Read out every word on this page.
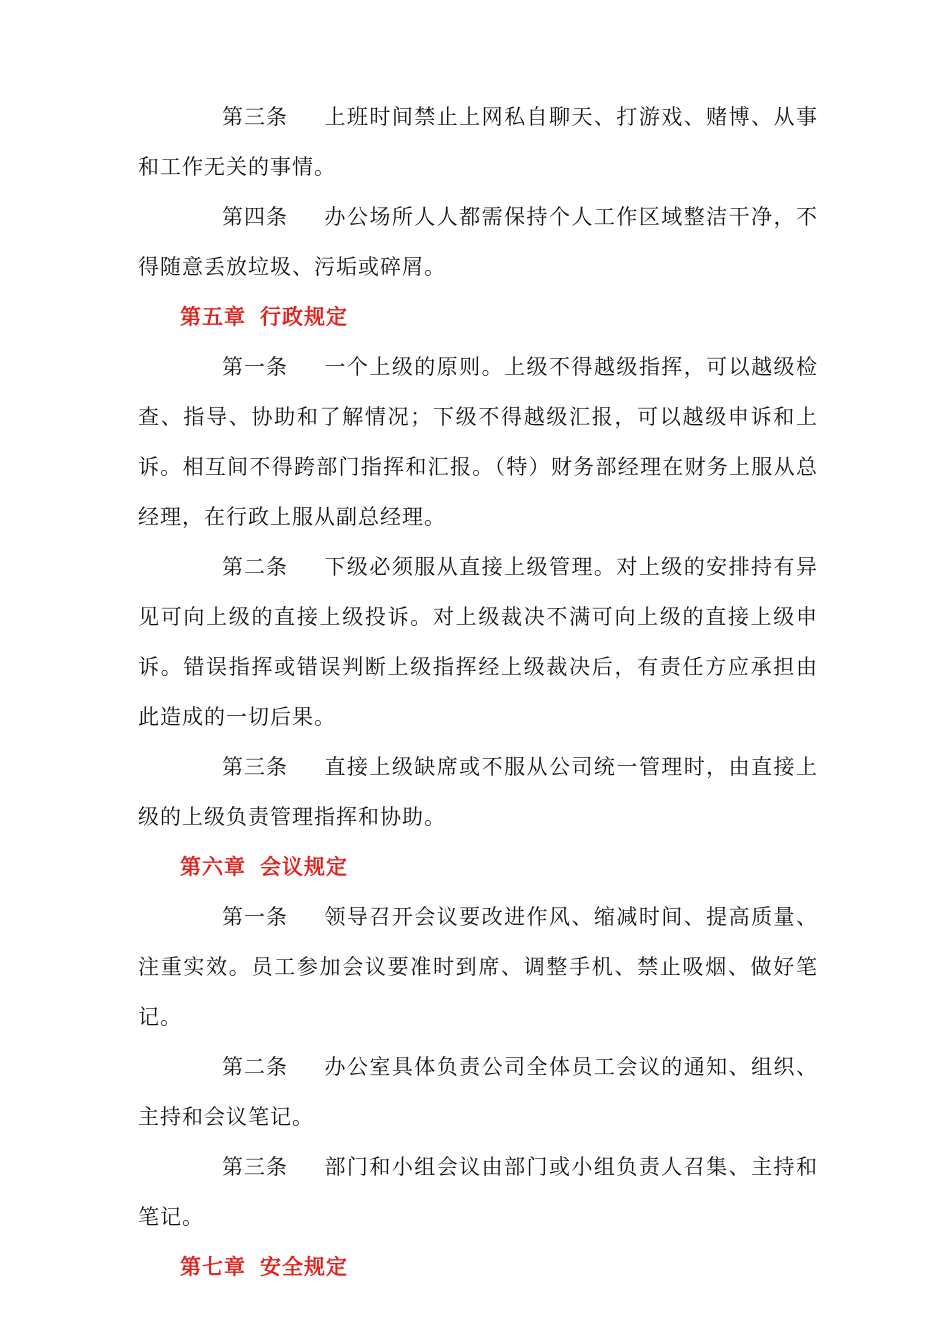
第三条 上班时间禁止上网私自聊天、打游戏、赌博、从事和工作无关的事情。

第四条 办公场所人人都需保持个人工作区域整洁干净，不得随意丢放垃圾、污垢或碎屑。

第五章 行政规定

第一条 一个上级的原则。上级不得越级指挥，可以越级检查、指导、协助和了解情况；下级不得越级汇报，可以越级申诉和上诉。相互间不得跨部门指挥和汇报。（特）财务部经理在财务上服从总经理，在行政上服从副总经理。

第二条 下级必须服从直接上级管理。对上级的安排持有异见可向上级的直接上级投诉。对上级裁决不满可向上级的直接上级申诉。错误指挥或错误判断上级指挥经上级裁决后，有责任方应承担由此造成的一切后果。

第三条 直接上级缺席或不服从公司统一管理时，由直接上级的上级负责管理指挥和协助。

第六章 会议规定

第一条 领导召开会议要改进作风、缩减时间、提高质量、注重实效。员工参加会议要准时到席、调整手机、禁止吸烟、做好笔记。

第二条 办公室具体负责公司全体员工会议的通知、组织、主持和会议笔记。

第三条 部门和小组会议由部门或小组负责人召集、主持和笔记。

第七章 安全规定
